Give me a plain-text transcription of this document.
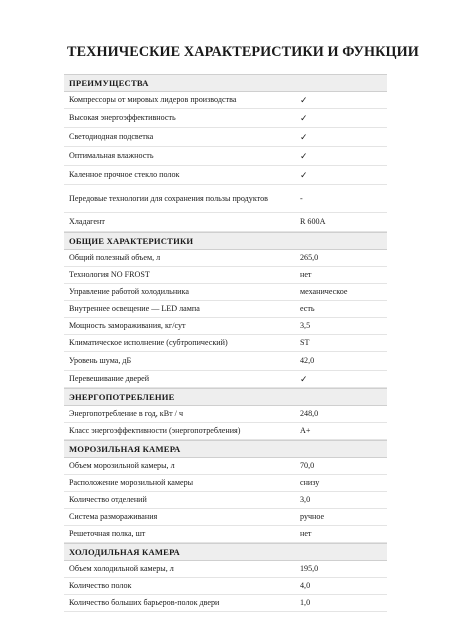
ТЕХНИЧЕСКИЕ ХАРАКТЕРИСТИКИ И ФУНКЦИИ
ПРЕИМУЩЕСТВА
Компрессоры от мировых лидеров производства	✓
Высокая энергоэффективность	✓
Светодиодная подсветка	✓
Оптимальная влажность	✓
Каленное прочное стекло полок	✓
Передовые технологии для сохранения пользы продуктов	-
Хладагент	R 600A
ОБЩИЕ ХАРАКТЕРИСТИКИ
Общий полезный объем, л	265,0
Технология NO FROST	нет
Управление работой холодильника	механическое
Внутреннее освещение — LED лампа	есть
Мощность замораживания, кг/сут	3,5
Климатическое исполнение (субтропический)	ST
Уровень шума, дБ	42,0
Перевешивание дверей	✓
ЭНЕРГОПОТРЕБЛЕНИЕ
Энергопотребление в год, кВт / ч	248,0
Класс энергоэффективности (энергопотребления)	A+
МОРОЗИЛЬНАЯ КАМЕРА
Объем морозильной камеры, л	70,0
Расположение морозильной камеры	снизу
Количество отделений	3,0
Система размораживания	ручное
Решеточная полка, шт	нет
ХОЛОДИЛЬНАЯ КАМЕРА
Объем холодильной камеры, л	195,0
Количество полок	4,0
Количество больших барьеров-полок двери	1,0
